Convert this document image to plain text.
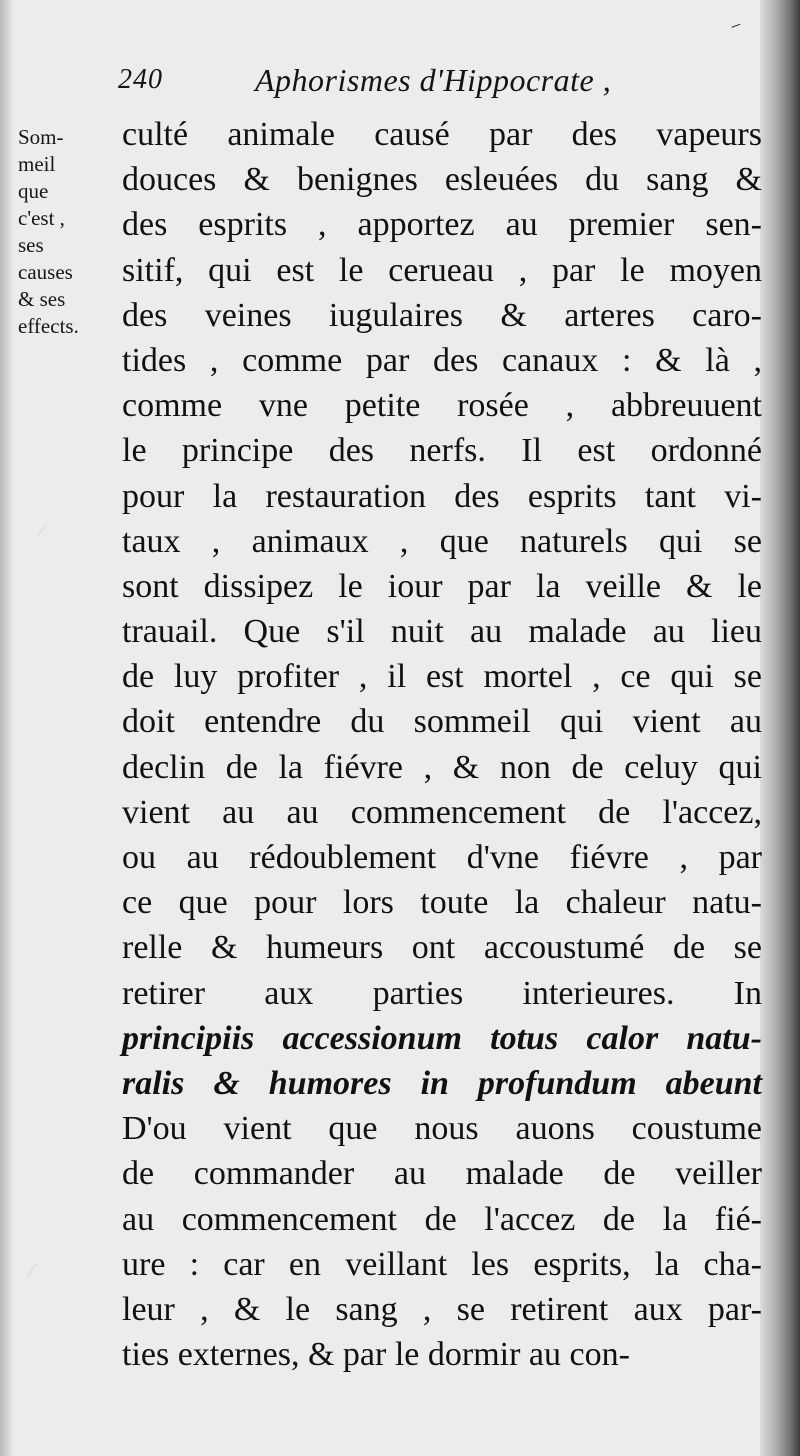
–
∕
∕
240	Aphorismes d'Hippocrate ,
Som-
meil
que
c'est ,
ses
causes
& ses
effects.
culté animale causé par des vapeurs
douces & benignes esleuées du sang &
des esprits , apportez au premier sen-
sitif, qui est le cerueau , par le moyen
des veines iugulaires & arteres caro-
tides , comme par des canaux : & là ,
comme vne petite rosée , abbreuuent
le principe des nerfs. Il est ordonné
pour la restauration des esprits tant vi-
taux , animaux , que naturels qui se
sont dissipez le iour par la veille & le
trauail. Que s'il nuit au malade au lieu
de luy profiter , il est mortel , ce qui se
doit entendre du sommeil qui vient au
declin de la fiévre , & non de celuy qui
vient au au commencement de l'accez,
ou au rédoublement d'vne fiévre , par
ce que pour lors toute la chaleur natu-
relle & humeurs ont accoustumé de se
retirer aux parties interieures. In
principiis accessionum totus calor natu-
ralis & humores in profundum abeunt
D'ou vient que nous auons coustume
de commander au malade de veiller
au commencement de l'accez de la fié-
ure : car en veillant les esprits, la cha-
leur , & le sang , se retirent aux par-
ties externes, & par le dormir au con-
